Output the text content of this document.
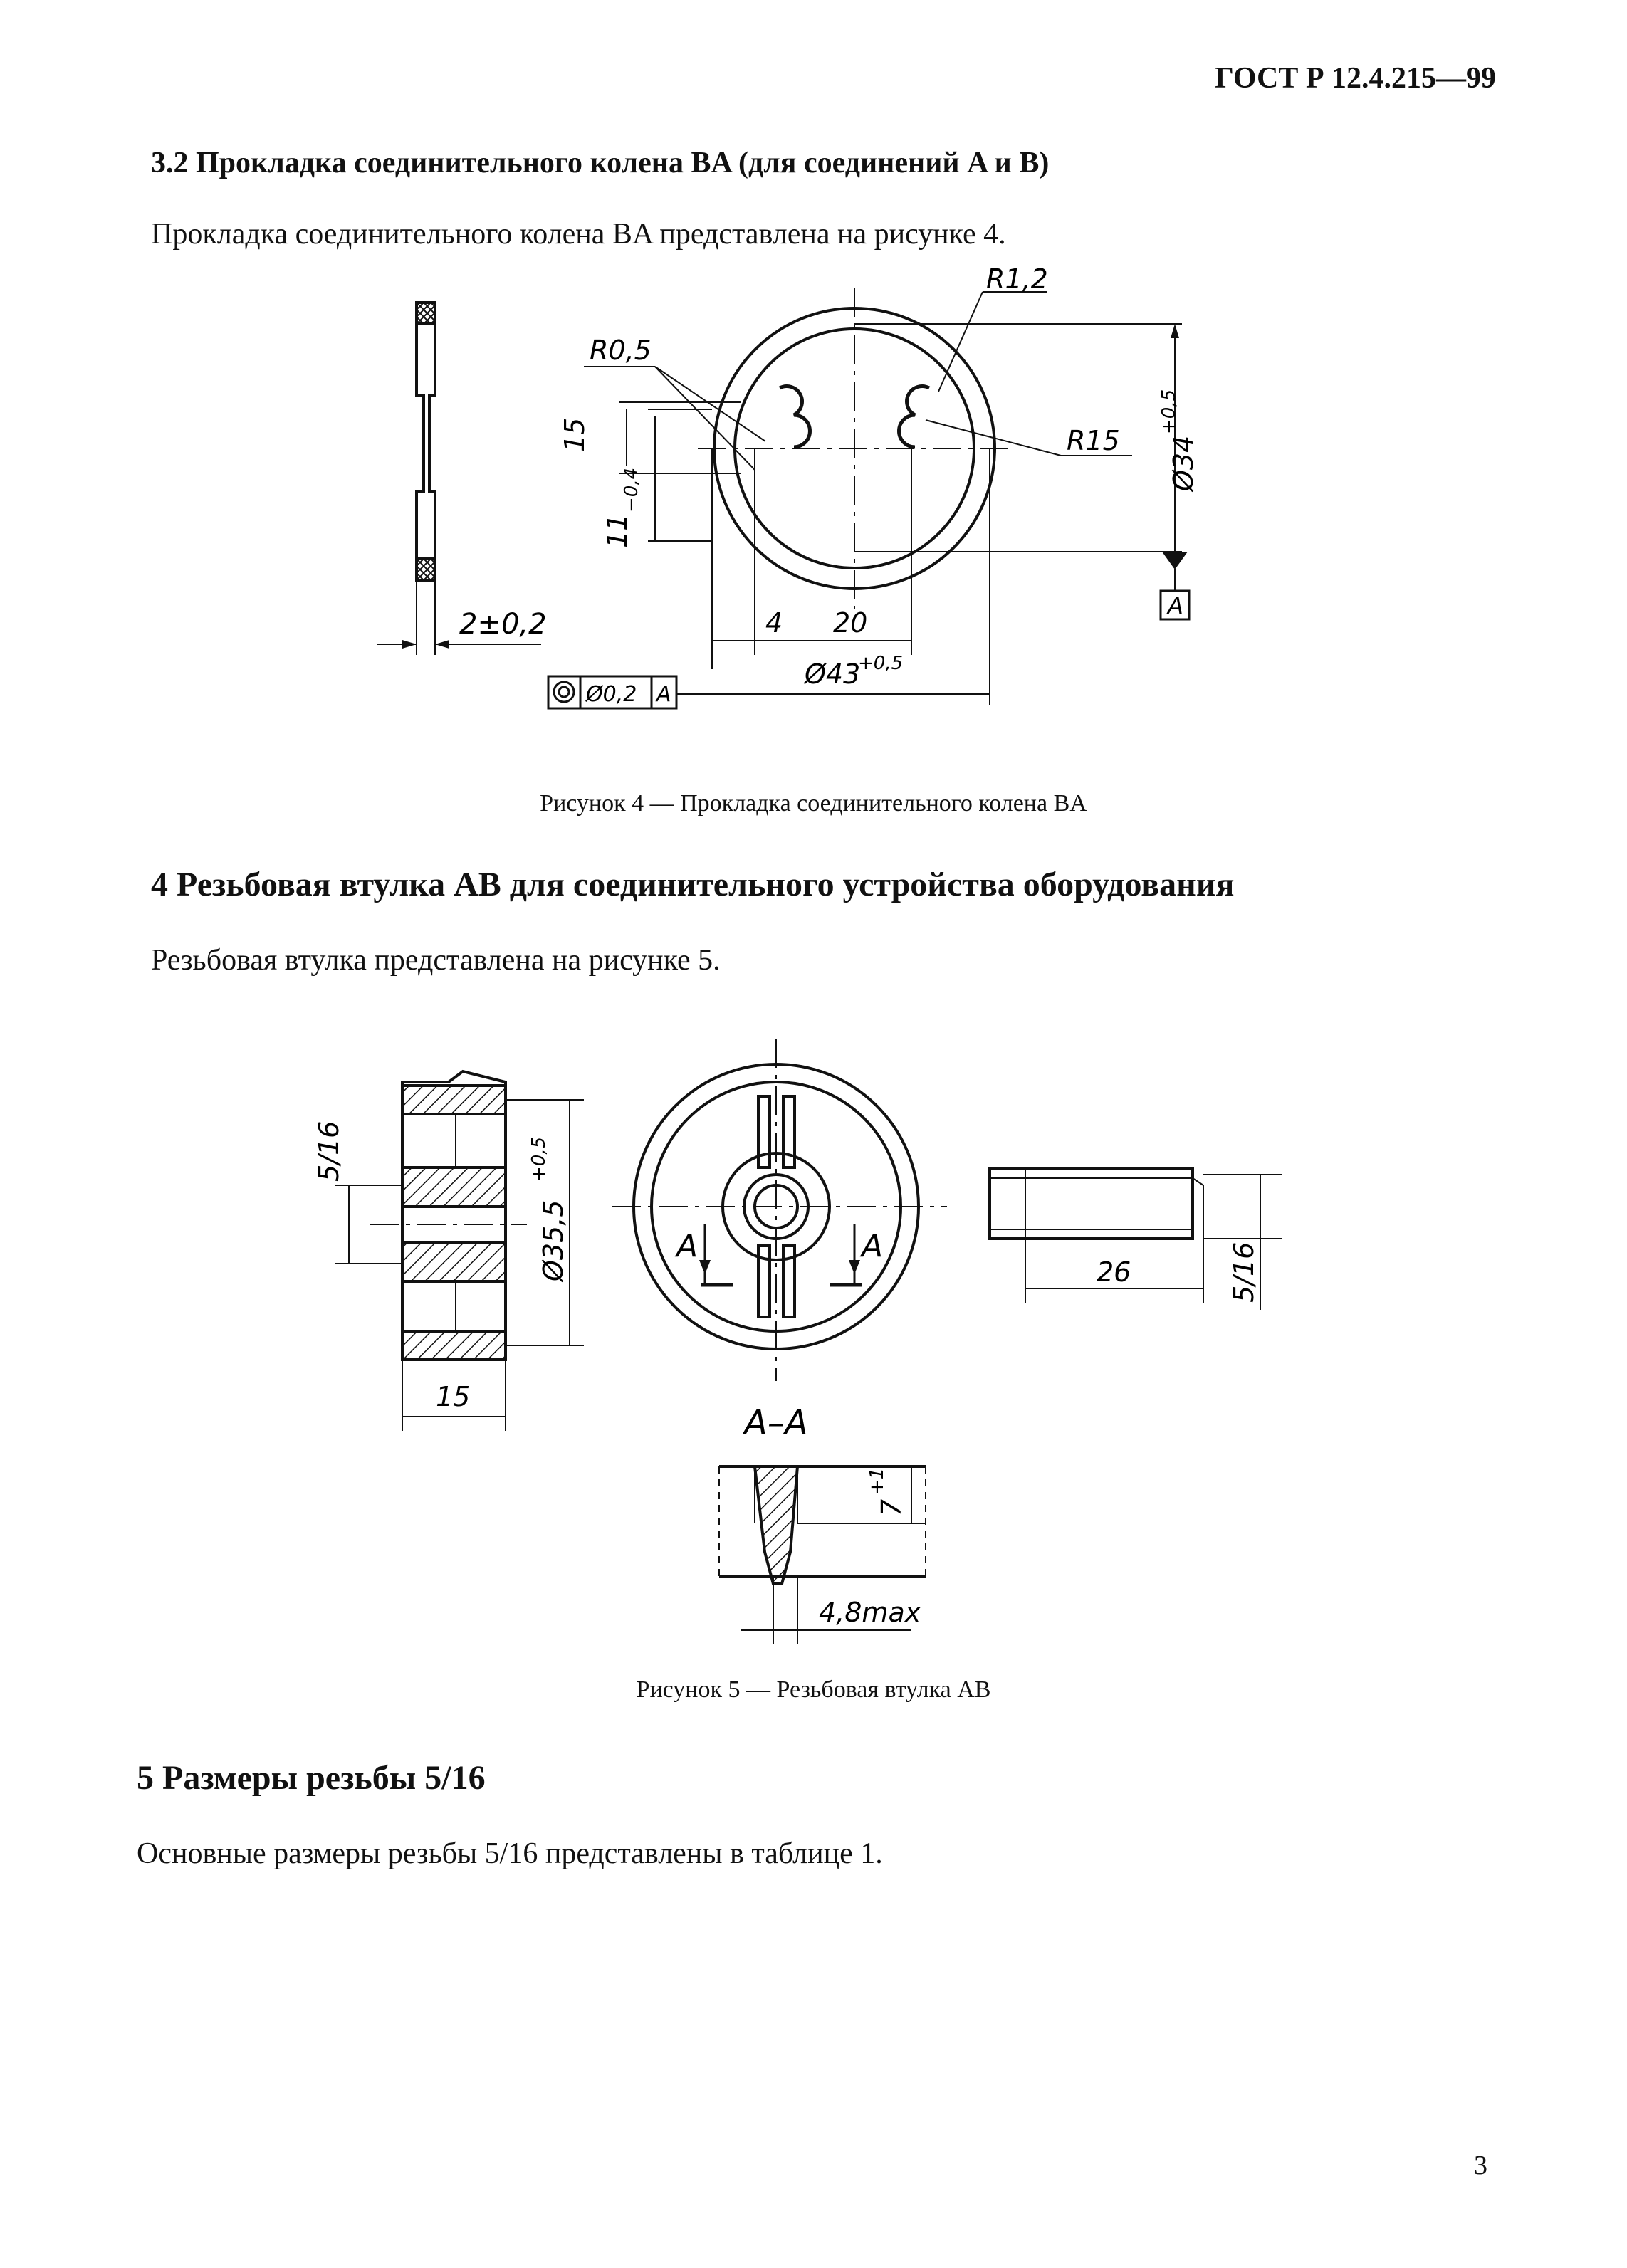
ГОСТ Р 12.4.215—99
3.2 Прокладка соединительного колена BA (для соединений A и B)
Прокладка соединительного колена BA представлена на рисунке 4.
2±0,2
R1,2
R0,5
R15
15
11
−0,4	Ø34
+0,5
A
4 20
Ø43
+0,5
Ø0,2 A
Рисунок 4 — Прокладка соединительного колена BA
4 Резьбовая втулка AB для соединительного устройства оборудования
Резьбовая втулка представлена на рисунке 5.
5/16
Ø35,5
+0,5
15
A	A
26	5/16
A–A
7
+1
4,8max
Рисунок 5 — Резьбовая втулка AB
5 Размеры резьбы 5/16
Основные размеры резьбы 5/16 представлены в таблице 1.
3
